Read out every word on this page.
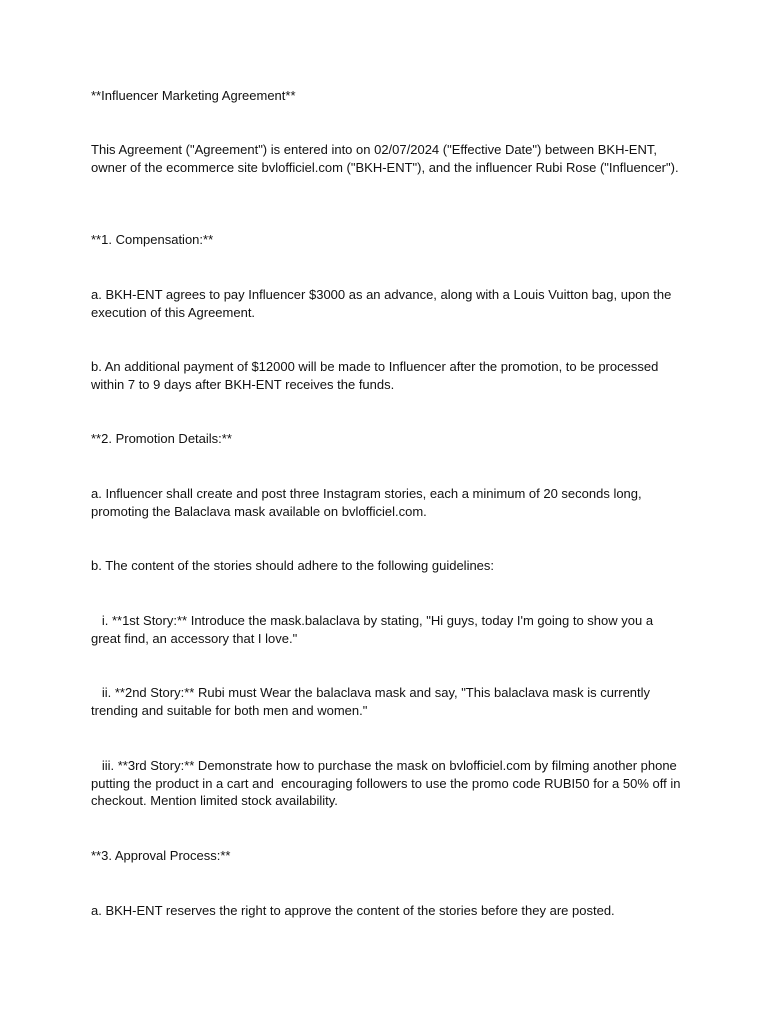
**Influencer Marketing Agreement**

This Agreement ("Agreement") is entered into on 02/07/2024 ("Effective Date") between BKH-ENT, owner of the ecommerce site bvlofficiel.com ("BKH-ENT"), and the influencer Rubi Rose ("Influencer").

**1. Compensation:**

a. BKH-ENT agrees to pay Influencer $3000 as an advance, along with a Louis Vuitton bag, upon the execution of this Agreement.

b. An additional payment of $12000 will be made to Influencer after the promotion, to be processed within 7 to 9 days after BKH-ENT receives the funds.

**2. Promotion Details:**

a. Influencer shall create and post three Instagram stories, each a minimum of 20 seconds long, promoting the Balaclava mask available on bvlofficiel.com.

b. The content of the stories should adhere to the following guidelines:

i. **1st Story:** Introduce the mask.balaclava by stating, "Hi guys, today I'm going to show you a great find, an accessory that I love."

ii. **2nd Story:** Rubi must Wear the balaclava mask and say, "This balaclava mask is currently trending and suitable for both men and women."

iii. **3rd Story:** Demonstrate how to purchase the mask on bvlofficiel.com by filming another phone putting the product in a cart and  encouraging followers to use the promo code RUBI50 for a 50% off in checkout. Mention limited stock availability.

**3. Approval Process:**

a. BKH-ENT reserves the right to approve the content of the stories before they are posted.
